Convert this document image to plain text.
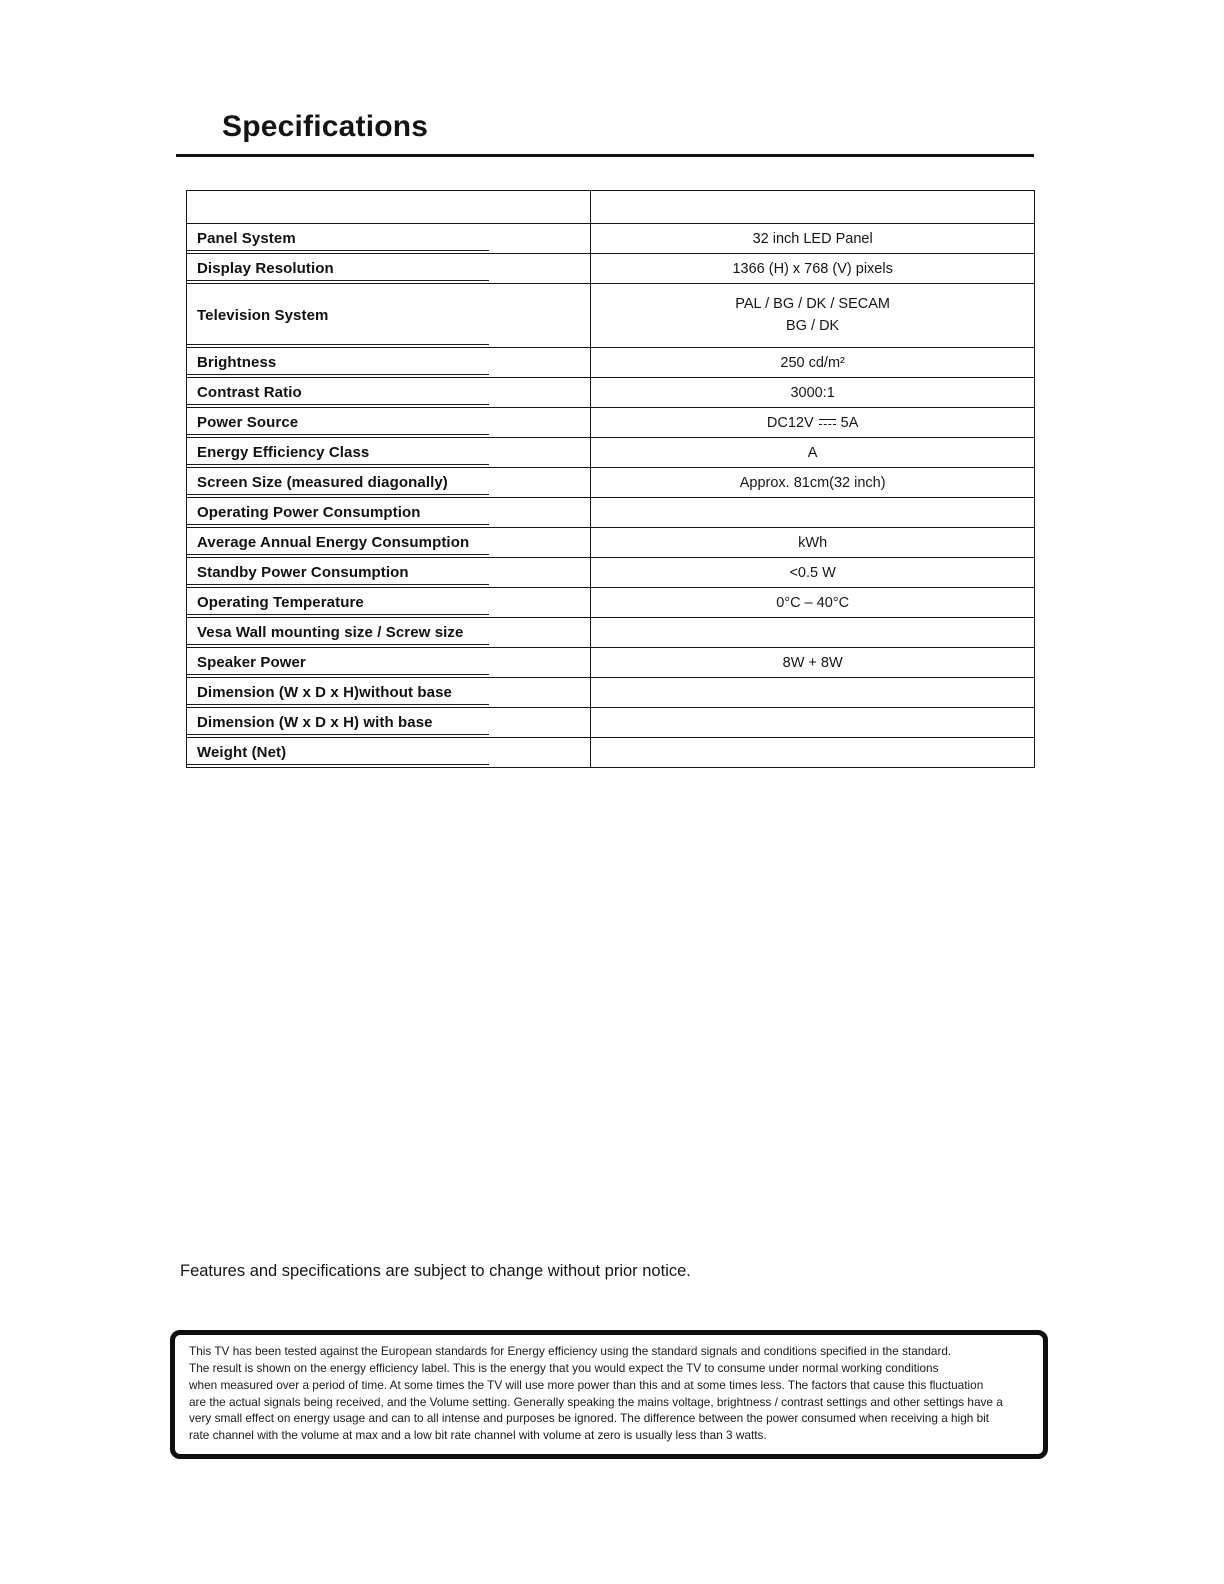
Specifications

Panel System	32 inch LED Panel
Display Resolution	1366 (H) x 768 (V) pixels
Television System	PAL / BG / DK / SECAM
BG / DK

Brightness	250 cd/m²
Contrast Ratio	3000:1
Power Source	DC12V 5A
Energy Efficiency Class	A
Screen Size (measured diagonally)	Approx. 81cm(32 inch)
Operating Power Consumption	
Average Annual Energy Consumption	kWh
Standby Power Consumption	<0.5 W
Operating Temperature	0°C – 40°C
Vesa Wall mounting size / Screw size	
Speaker Power	8W + 8W
Dimension (W x D x H)without base	
Dimension (W x D x H) with base	
Weight (Net)	

Features and specifications are subject to change without prior notice.

This TV has been tested against the European standards for Energy efficiency using the standard signals and conditions specified in the standard.
The result is shown on the energy efficiency label. This is the energy that you would expect the TV to consume under normal working conditions
when measured over a period of time. At some times the TV will use more power than this and at some times less. The factors that cause this fluctuation
are the actual signals being received, and the Volume setting. Generally speaking the mains voltage, brightness / contrast settings and other settings have a
very small effect on energy usage and can to all intense and purposes be ignored. The difference between the power consumed when receiving a high bit
rate channel with the volume at max and a low bit rate channel with volume at zero is usually less than 3 watts.
